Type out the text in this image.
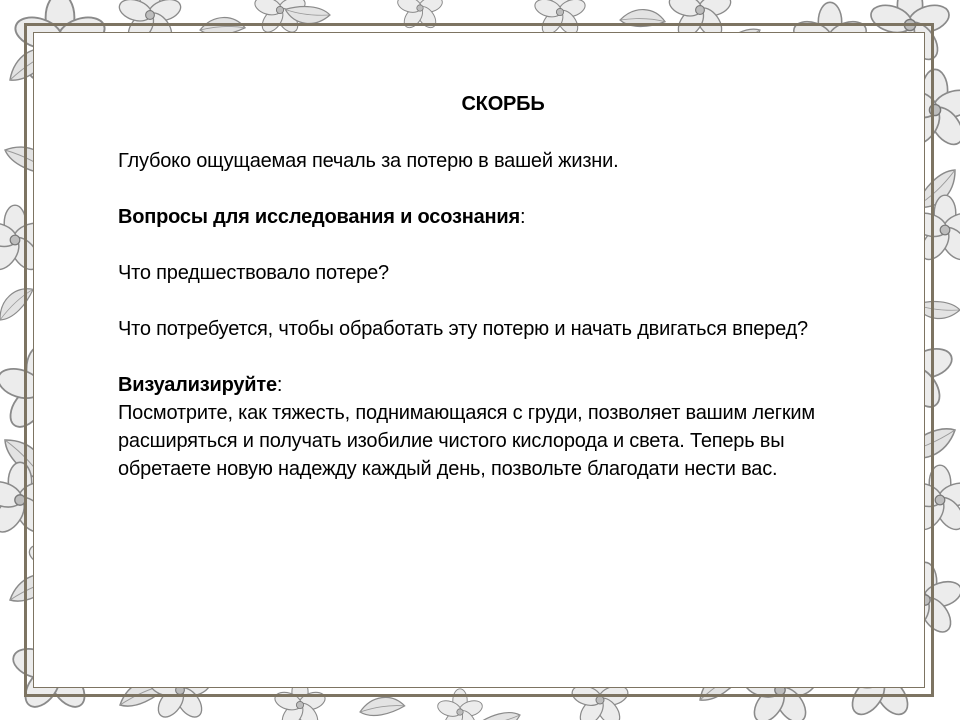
СКОРБЬ
Глубоко ощущаемая печаль за потерю в вашей жизни.
Вопросы для исследования и осознания:
Что предшествовало потере?
Что потребуется, чтобы обработать эту потерю и начать двигаться вперед?
Визуализируйте:
Посмотрите, как тяжесть, поднимающаяся с груди, позволяет вашим легким расширяться и получать изобилие чистого кислорода и света. Теперь вы обретаете новую надежду каждый день, позвольте благодати нести вас.
